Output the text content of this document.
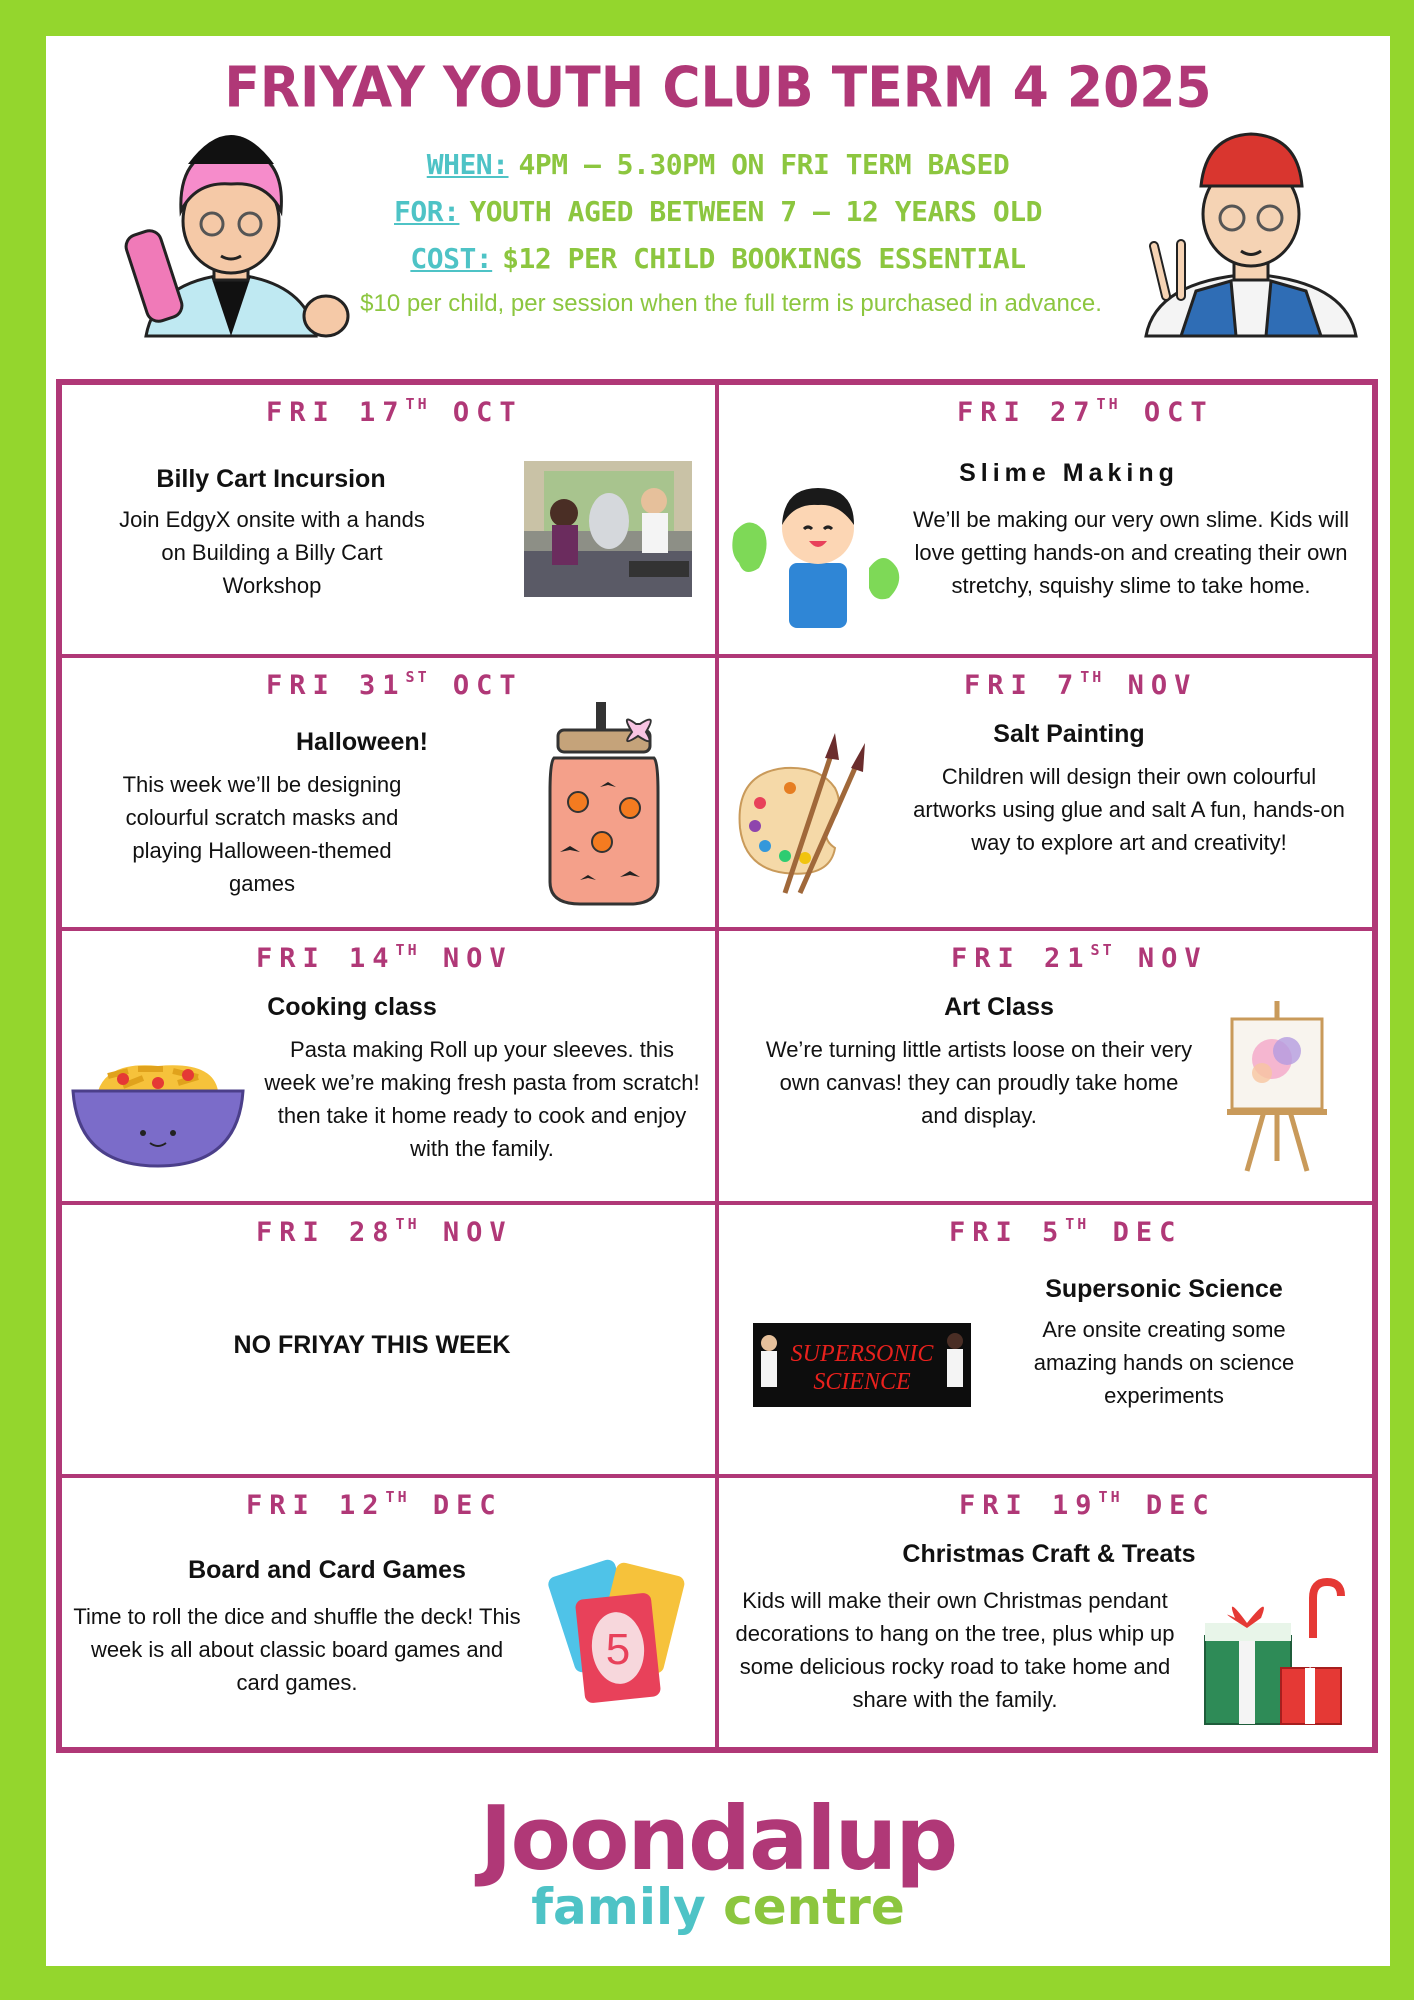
FRIYAY YOUTH CLUB TERM 4 2025
WHEN: 4PM – 5.30PM ON FRI TERM BASED
FOR: YOUTH AGED BETWEEN 7 – 12 YEARS OLD
COST: $12 PER CHILD BOOKINGS ESSENTIAL
$10 per child, per session when the full term is purchased in advance.
FRI 17TH OCT
Billy Cart Incursion
Join EdgyX onsite with a hands on Building a Billy Cart Workshop
FRI 27TH OCT
Slime Making
We’ll be making our very own slime. Kids will love getting hands-on and creating their own stretchy, squishy slime to take home.
FRI 31ST OCT
Halloween!
This week we’ll be designing colourful scratch masks and playing Halloween-themed games
FRI 7TH NOV
Salt Painting
Children will design their own colourful artworks using glue and salt A fun, hands-on way to explore art and creativity!
FRI 14TH NOV
Cooking class
Pasta making Roll up your sleeves. this week we’re making fresh pasta from scratch! then take it home ready to cook and enjoy with the family.
FRI 21ST NOV
Art Class
We’re turning little artists loose on their very own canvas! they can proudly take home and display.
FRI 28TH NOV
NO FRIYAY THIS WEEK
FRI 5TH DEC
Supersonic Science
Are onsite creating some amazing hands on science experiments
SUPERSONIC
SCIENCE
FRI 12TH DEC
Board and Card Games
Time to roll the dice and shuffle the deck! This week is all about classic board games and card games.
5
FRI 19TH DEC
Christmas Craft & Treats
Kids will make their own Christmas pendant decorations to hang on the tree, plus whip up some delicious rocky road to take home and share with the family.
Joondalup
family centre
